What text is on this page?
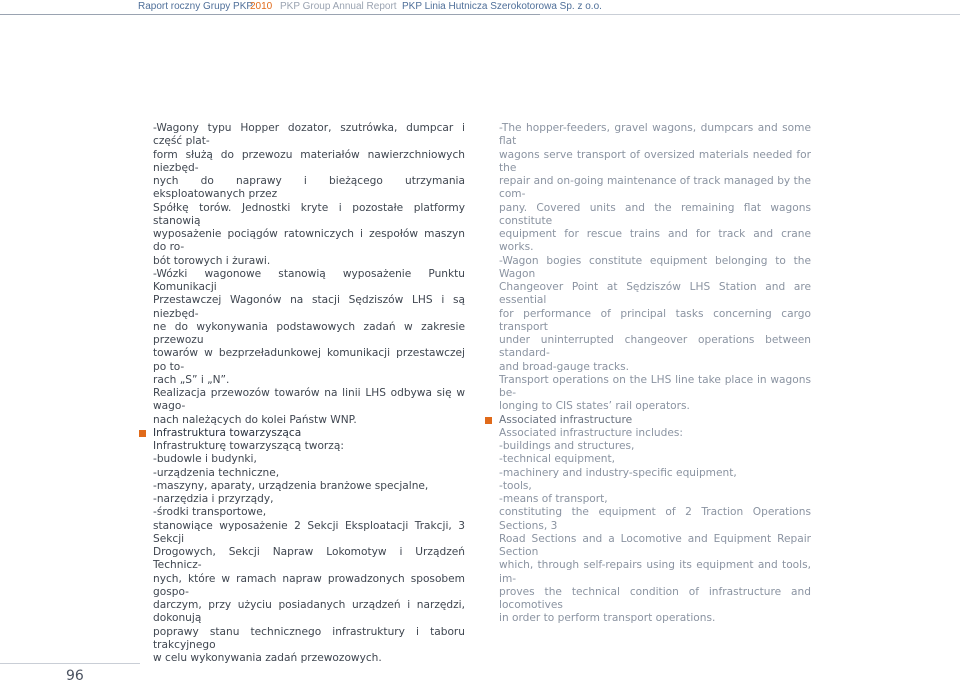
Raport roczny Grupy PKP
2010 PKP Group Annual Report PKP Linia Hutnicza Szerokotorowa Sp. z o.o.

-Wagony typu Hopper dozator, szutrówka, dumpcar i część plat-
form służą do przewozu materiałów nawierzchniowych niezbęd-
nych do naprawy i bieżącego utrzymania eksploatowanych przez
Spółkę torów. Jednostki kryte i pozostałe platformy stanowią
wyposażenie pociągów ratowniczych i zespołów maszyn do ro-
bót torowych i żurawi.

-Wózki wagonowe stanowią wyposażenie Punktu Komunikacji
Przestawczej Wagonów na stacji Sędziszów LHS i są niezbęd-
ne do wykonywania podstawowych zadań w zakresie przewozu
towarów w bezprzeładunkowej komunikacji przestawczej po to-
rach „S” i „N”.

Realizacja przewozów towarów na linii LHS odbywa się w wago-
nach należących do kolei Państw WNP.

Infrastruktura towarzysząca

Infrastrukturę towarzyszącą tworzą:
-budowle i budynki,
-urządzenia techniczne,
-maszyny, aparaty, urządzenia branżowe specjalne,
-narzędzia i przyrządy,
-środki transportowe,

stanowiące wyposażenie 2 Sekcji Eksploatacji Trakcji, 3 Sekcji
Drogowych, Sekcji Napraw Lokomotyw i Urządzeń Technicz-
nych, które w ramach napraw prowadzonych sposobem gospo-
darczym, przy użyciu posiadanych urządzeń i narzędzi, dokonują
poprawy stanu technicznego infrastruktury i taboru trakcyjnego
w celu wykonywania zadań przewozowych.

-The hopper-feeders, gravel wagons, dumpcars and some flat
wagons serve transport of oversized materials needed for the
repair and on-going maintenance of track managed by the com-
pany. Covered units and the remaining flat wagons constitute
equipment for rescue trains and for track and crane works.

-Wagon bogies constitute equipment belonging to the Wagon
Changeover Point at Sędziszów LHS Station and are essential
for performance of principal tasks concerning cargo transport
under uninterrupted changeover operations between standard-
and broad-gauge tracks.

Transport operations on the LHS line take place in wagons be-
longing to CIS states’ rail operators.

Associated infrastructure

Associated infrastructure includes:
-buildings and structures,
-technical equipment,
-machinery and industry-specific equipment,
-tools,
-means of transport,

constituting the equipment of 2 Traction Operations Sections, 3
Road Sections and a Locomotive and Equipment Repair Section
which, through self-repairs using its equipment and tools, im-
proves the technical condition of infrastructure and locomotives
in order to perform transport operations.

96
